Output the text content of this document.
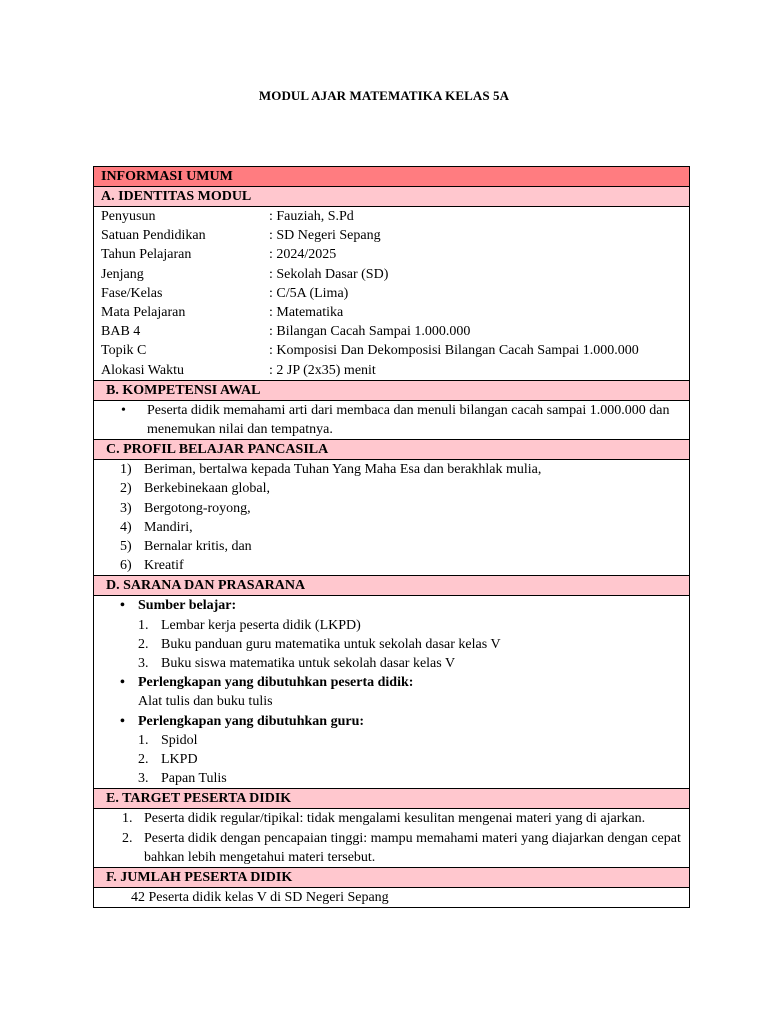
MODUL AJAR MATEMATIKA KELAS 5A
INFORMASI UMUM
A. IDENTITAS MODUL

Penyusun	: Fauziah, S.Pd
Satuan Pendidikan	: SD Negeri Sepang
Tahun Pelajaran	: 2024/2025
Jenjang	: Sekolah Dasar (SD)
Fase/Kelas	: C/5A (Lima)
Mata Pelajaran	: Matematika
BAB 4	: Bilangan Cacah Sampai 1.000.000
Topik C	: Komposisi Dan Dekomposisi Bilangan Cacah Sampai 1.000.000
Alokasi Waktu	: 2 JP (2x35) menit

B. KOMPETENSI AWAL

• Peserta didik memahami arti dari membaca dan menuli bilangan cacah sampai 1.000.000 dan menemukan nilai dan tempatnya.

C. PROFIL BELAJAR PANCASILA

1) Beriman, bertalwa kepada Tuhan Yang Maha Esa dan berakhlak mulia,
2) Berkebinekaan global,
3) Bergotong-royong,
4) Mandiri,
5) Bernalar kritis, dan
6) Kreatif

D. SARANA DAN PRASARANA

• Sumber belajar:
1. Lembar kerja peserta didik (LKPD)
2. Buku panduan guru matematika untuk sekolah dasar kelas V
3. Buku siswa matematika untuk sekolah dasar kelas V
• Perlengkapan yang dibutuhkan peserta didik:
Alat tulis dan buku tulis
• Perlengkapan yang dibutuhkan guru:
1. Spidol
2. LKPD
3. Papan Tulis

E. TARGET PESERTA DIDIK

1. Peserta didik regular/tipikal: tidak mengalami kesulitan mengenai materi yang di ajarkan.
2. Peserta didik dengan pencapaian tinggi: mampu memahami materi yang diajarkan dengan cepat bahkan lebih mengetahui materi tersebut.

F. JUMLAH PESERTA DIDIK
42 Peserta didik kelas V di SD Negeri Sepang
